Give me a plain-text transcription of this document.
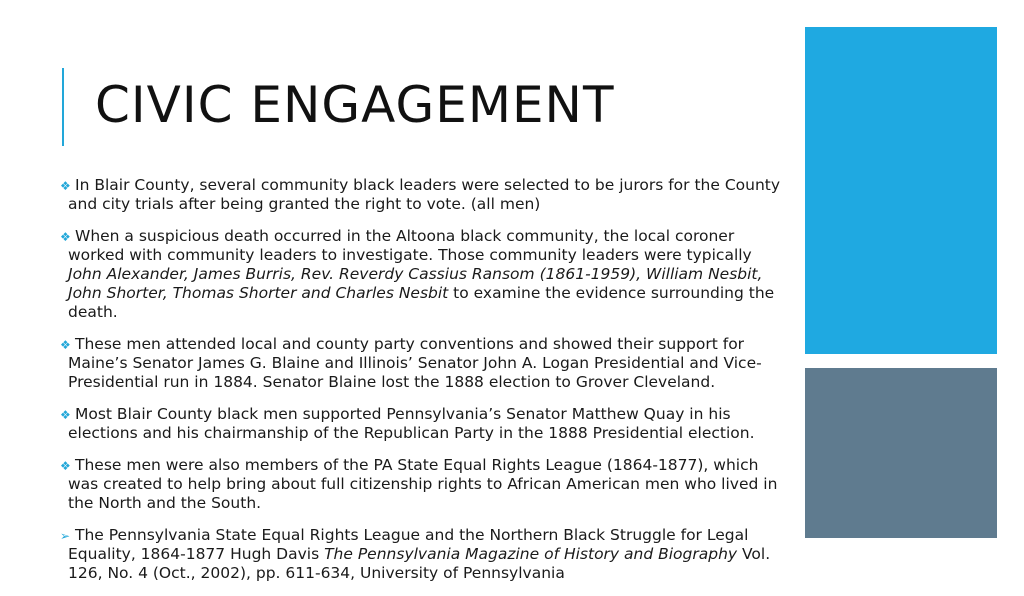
CIVIC ENGAGEMENT
❖ In Blair County, several community black leaders were selected to be jurors for the County and city trials after being granted the right to vote. (all men)
❖ When a suspicious death occurred in the Altoona black community, the local coroner worked with community leaders to investigate. Those community leaders were typically John Alexander, James Burris, Rev. Reverdy Cassius Ransom (1861-1959), William Nesbit, John Shorter, Thomas Shorter and Charles Nesbit to examine the evidence surrounding the death.
❖ These men attended local and county party conventions and showed their support for Maine’s Senator James G. Blaine and Illinois’ Senator John A. Logan Presidential and Vice-Presidential run in 1884. Senator Blaine lost the 1888 election to Grover Cleveland.
❖ Most Blair County black men supported Pennsylvania’s Senator Matthew Quay in his elections and his chairmanship of the Republican Party in the 1888 Presidential election.
❖ These men were also members of the PA State Equal Rights League (1864-1877), which was created to help bring about full citizenship rights to African American men who lived in the North and the South.
➢ The Pennsylvania State Equal Rights League and the Northern Black Struggle for Legal Equality, 1864-1877 Hugh Davis The Pennsylvania Magazine of History and Biography Vol. 126, No. 4 (Oct., 2002), pp. 611-634, University of Pennsylvania
